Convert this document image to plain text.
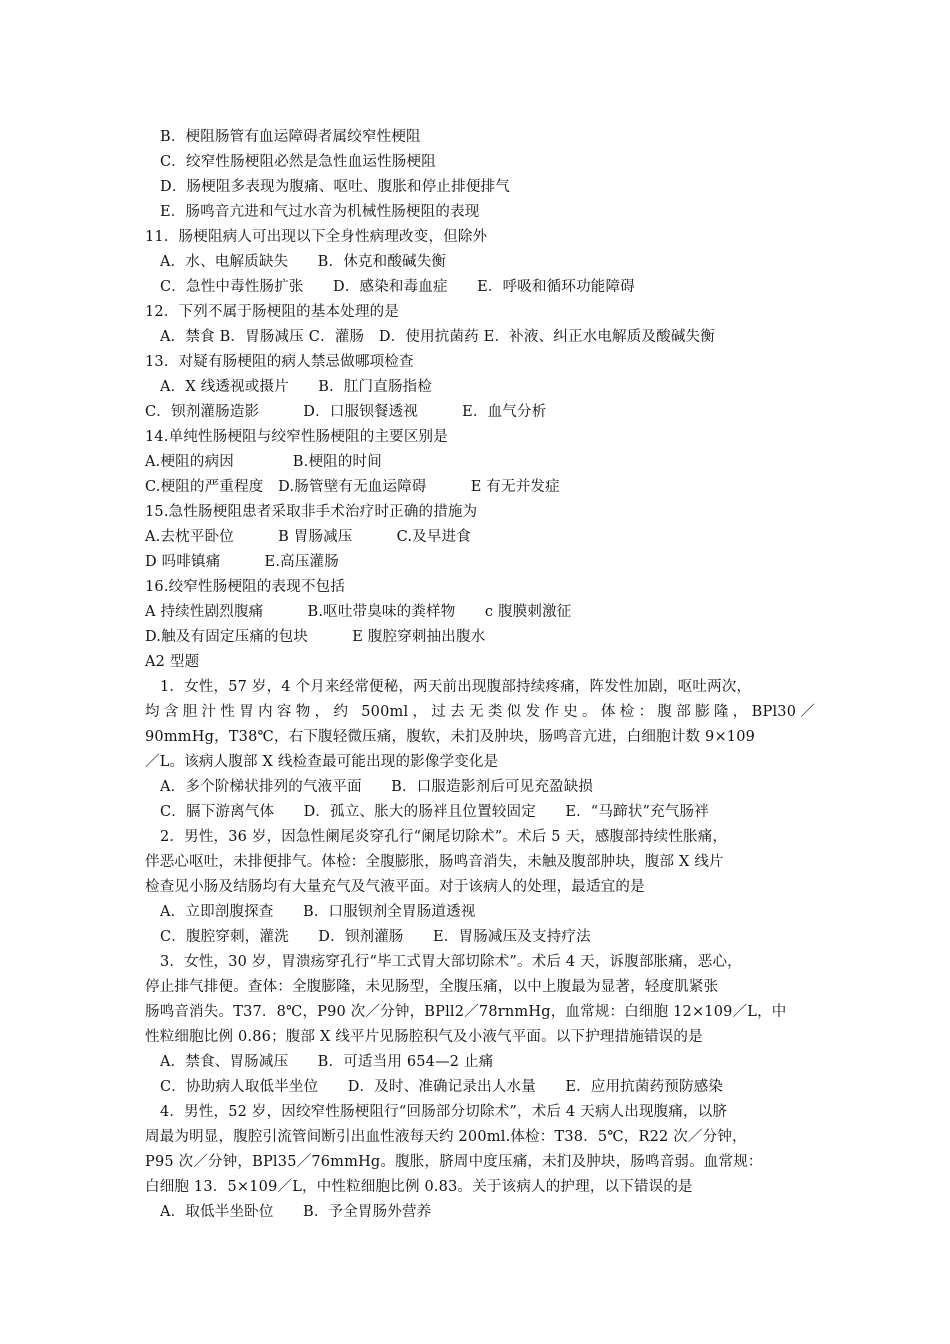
B．梗阻肠管有血运障碍者属绞窄性梗阻
C．绞窄性肠梗阻必然是急性血运性肠梗阻
D．肠梗阻多表现为腹痛、呕吐、腹胀和停止排便排气
E．肠鸣音亢进和气过水音为机械性肠梗阻的表现
11．肠梗阻病人可出现以下全身性病理改变，但除外
A．水、电解质缺失　　B．休克和酸碱失衡
C．急性中毒性肠扩张　　D．感染和毒血症　　E．呼吸和循环功能障碍
12．下列不属于肠梗阻的基本处理的是
A．禁食 B．胃肠减压 C．灌肠　D．使用抗菌药 E．补液、纠正水电解质及酸碱失衡
13．对疑有肠梗阻的病人禁忌做哪项检查
A．X 线透视或摄片　　B．肛门直肠指检
C．钡剂灌肠造影　　　D．口服钡餐透视　　　E．血气分析
14.单纯性肠梗阻与绞窄性肠梗阻的主要区别是
A.梗阻的病因　　　　B.梗阻的时间
C.梗阻的严重程度　D.肠管壁有无血运障碍　　　E 有无并发症
15.急性肠梗阻患者采取非手术治疗时正确的措施为
A.去枕平卧位　　　B 胃肠减压　　　C.及早进食
D 吗啡镇痛　　　E.高压灌肠
16.绞窄性肠梗阻的表现不包括
A 持续性剧烈腹痛　　　B.呕吐带臭味的粪样物　　c 腹膜刺激征
D.触及有固定压痛的包块　　　E 腹腔穿刺抽出腹水
A2 型题
1．女性，57 岁，4 个月来经常便秘，两天前出现腹部持续疼痛，阵发性加剧，呕吐两次，
均含胆汁性胃内容物，约 500ml，过去无类似发作史。体检：腹部膨隆，BPl30／
90mmHg，T38℃，右下腹轻微压痛，腹软，未扪及肿块，肠鸣音亢进，白细胞计数 9×109
／L。该病人腹部 X 线检查最可能出现的影像学变化是
A．多个阶梯状排列的气液平面　　B．口服造影剂后可见充盈缺损
C．膈下游离气体　　D．孤立、胀大的肠袢且位置较固定　　E．“马蹄状”充气肠袢
2．男性，36 岁，因急性阑尾炎穿孔行“阑尾切除术”。术后 5 天，感腹部持续性胀痛，
伴恶心呕吐，未排便排气。体检：全腹膨胀，肠鸣音消失，未触及腹部肿块，腹部 X 线片
检查见小肠及结肠均有大量充气及气液平面。对于该病人的处理，最适宜的是
A．立即剖腹探查　　B．口服钡剂全胃肠道透视
C．腹腔穿刺，灌洗　　D．钡剂灌肠　　E．胃肠减压及支持疗法
3．女性，30 岁，胃溃疡穿孔行“毕工式胃大部切除术”。术后 4 天，诉腹部胀痛，恶心，
停止排气排便。查体：全腹膨隆，未见肠型，全腹压痛，以中上腹最为显著，轻度肌紧张
肠鸣音消失。T37．8℃，P90 次／分钟，BPll2／78rnmHg，血常规：白细胞 12×109／L，中
性粒细胞比例 0.86；腹部 X 线平片见肠腔积气及小液气平面。以下护理措施错误的是
A．禁食、胃肠减压　　B．可适当用 654—2 止痛
C．协助病人取低半坐位　　D．及时、准确记录出人水量　　E．应用抗菌药预防感染
4．男性，52 岁，因绞窄性肠梗阻行“回肠部分切除术”，术后 4 天病人出现腹痛，以脐
周最为明显，腹腔引流管间断引出血性液每天约 200ml.体检：T38．5℃，R22 次／分钟，
P95 次／分钟，BPl35／76mmHg。腹胀，脐周中度压痛，未扪及肿块，肠鸣音弱。血常规：
白细胞 13．5×109／L，中性粒细胞比例 0.83。关于该病人的护理，以下错误的是
A．取低半坐卧位　　B．予全胃肠外营养
